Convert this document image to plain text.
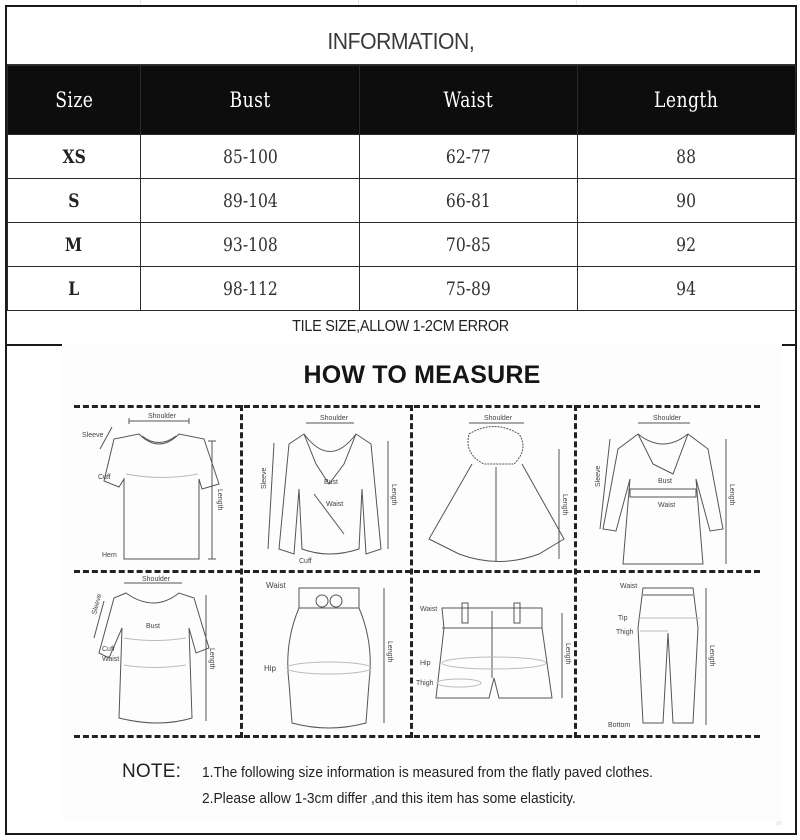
INFORMATION,
Size	Bust	Waist	Length
XS	85-100	62-77	88
S	89-104	66-81	90
M	93-108	70-85	92
L	98-112	75-89	94
TILE SIZE,ALLOW 1-2CM ERROR
HOW TO MEASURE
Shoulder
Sleeve
Cuff
Hem
Length
Shoulder
Bust
Waist
Cuff
Sleeve
Length
Shoulder
Length
Shoulder
Bust
Waist
Sleeve
Length
Shoulder
Bust
Cuff
Waist
Sleeve
Length
Waist
Hip
Length
Waist
Hip
Thigh
Length
Waist
Tip
Thigh
Bottom
Length
NOTE: 1.The following size information is measured from the flatly paved clothes.
2.Please allow 1-3cm differ ,and this item has some elasticity.
